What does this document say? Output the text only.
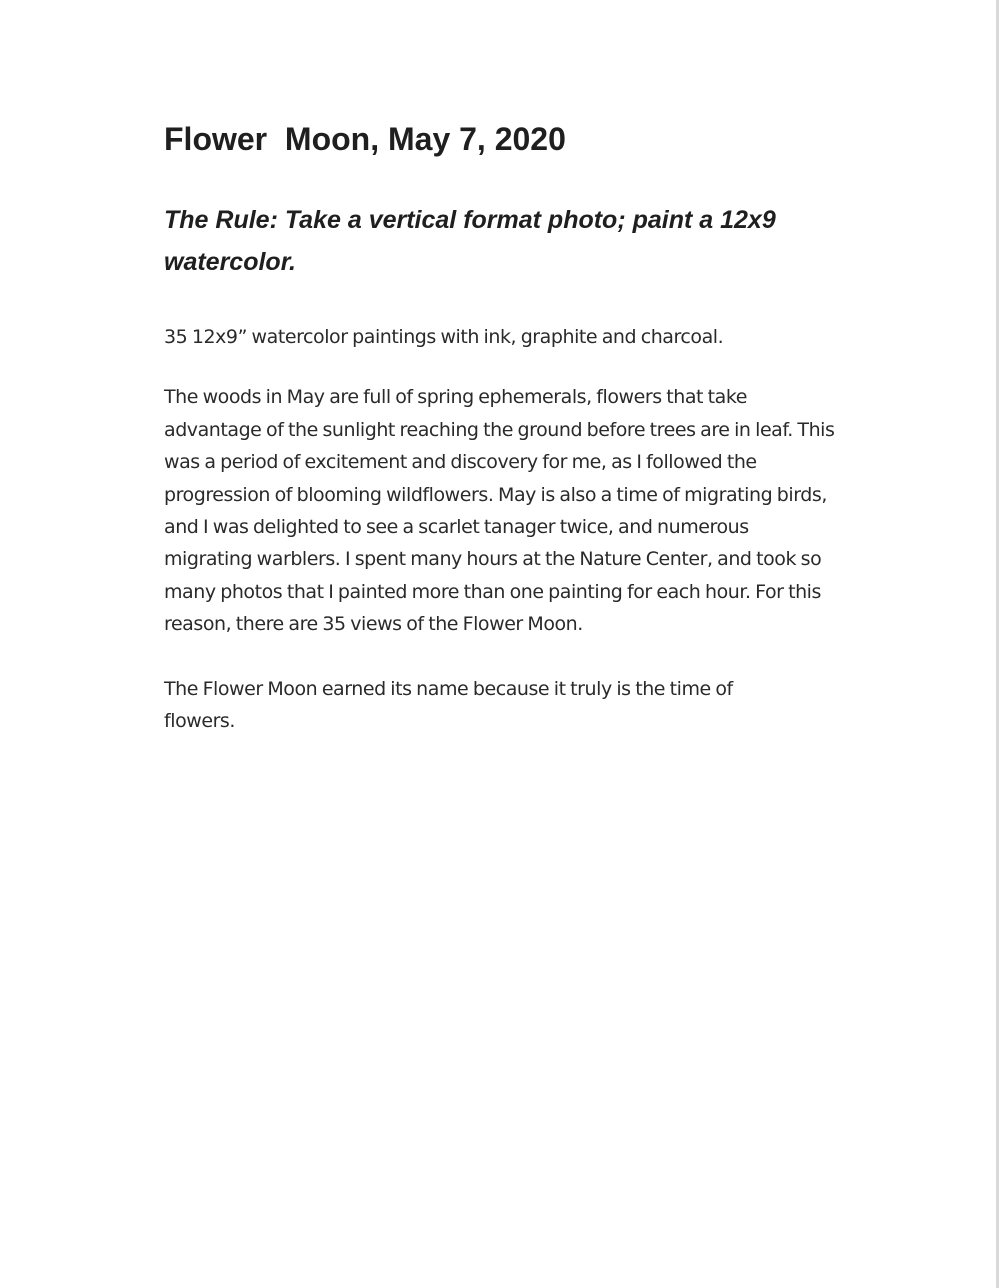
Flower  Moon, May 7, 2020
The Rule: Take a vertical format photo; paint a 12x9 watercolor.

35 12x9” watercolor paintings with ink, graphite and charcoal.

The woods in May are full of spring ephemerals, flowers that take advantage of the sunlight reaching the ground before trees are in leaf. This was a period of excitement and discovery for me, as I followed the progression of blooming wildflowers. May is also a time of migrating birds, and I was delighted to see a scarlet tanager twice, and numerous migrating warblers. I spent many hours at the Nature Center, and took so many photos that I painted more than one painting for each hour. For this reason, there are 35 views of the Flower Moon.

The Flower Moon earned its name because it truly is the time of flowers.
